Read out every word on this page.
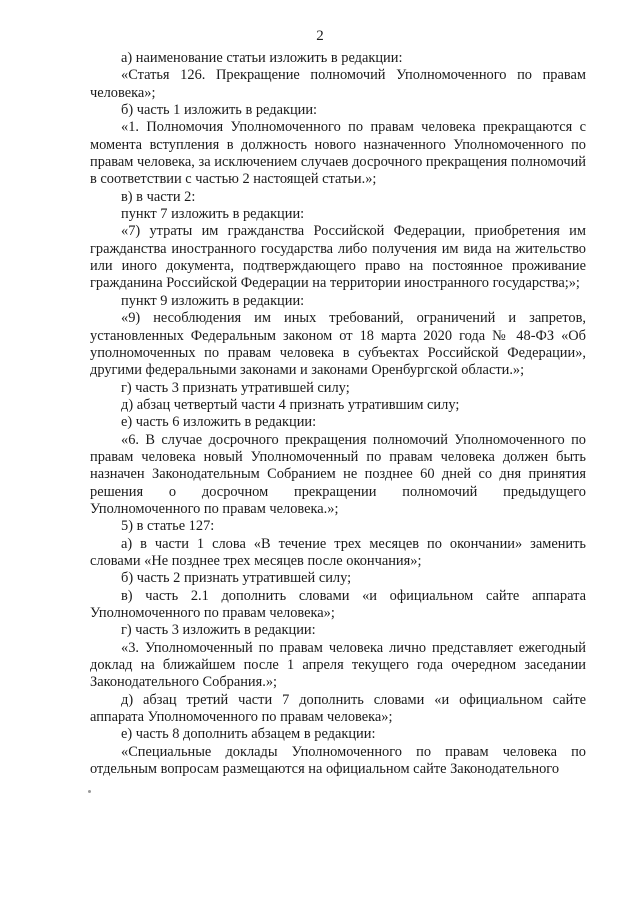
2

а) наименование статьи изложить в редакции:

«Статья 126. Прекращение полномочий Уполномоченного по правам человека»;

б) часть 1 изложить в редакции:

«1. Полномочия Уполномоченного по правам человека прекращаются с момента вступления в должность нового назначенного Уполномоченного по правам человека, за исключением случаев досрочного прекращения полномочий в соответствии с частью 2 настоящей статьи.»;

в) в части 2:

пункт 7 изложить в редакции:

«7) утраты им гражданства Российской Федерации, приобретения им гражданства иностранного государства либо получения им вида на жительство или иного документа, подтверждающего право на постоянное проживание гражданина Российской Федерации на территории иностранного государства;»;

пункт 9 изложить в редакции:

«9) несоблюдения им иных требований, ограничений и запретов, установленных Федеральным законом от 18 марта 2020 года № 48-ФЗ «Об уполномоченных по правам человека в субъектах Российской Федерации», другими федеральными законами и законами Оренбургской области.»;

г) часть 3 признать утратившей силу;

д) абзац четвертый части 4 признать утратившим силу;

е) часть 6 изложить в редакции:

«6. В случае досрочного прекращения полномочий Уполномоченного по правам человека новый Уполномоченный по правам человека должен быть назначен Законодательным Собранием не позднее 60 дней со дня принятия решения о досрочном прекращении полномочий предыдущего Уполномоченного по правам человека.»;

5) в статье 127:

а) в части 1 слова «В течение трех месяцев по окончании» заменить словами «Не позднее трех месяцев после окончания»;

б) часть 2 признать утратившей силу;

в) часть 2.1 дополнить словами «и официальном сайте аппарата Уполномоченного по правам человека»;

г) часть 3 изложить в редакции:

«3. Уполномоченный по правам человека лично представляет ежегодный доклад на ближайшем после 1 апреля текущего года очередном заседании Законодательного Собрания.»;

д) абзац третий части 7 дополнить словами «и официальном сайте аппарата Уполномоченного по правам человека»;

е) часть 8 дополнить абзацем в редакции:

«Специальные доклады Уполномоченного по правам человека по отдельным вопросам размещаются на официальном сайте Законодательного
